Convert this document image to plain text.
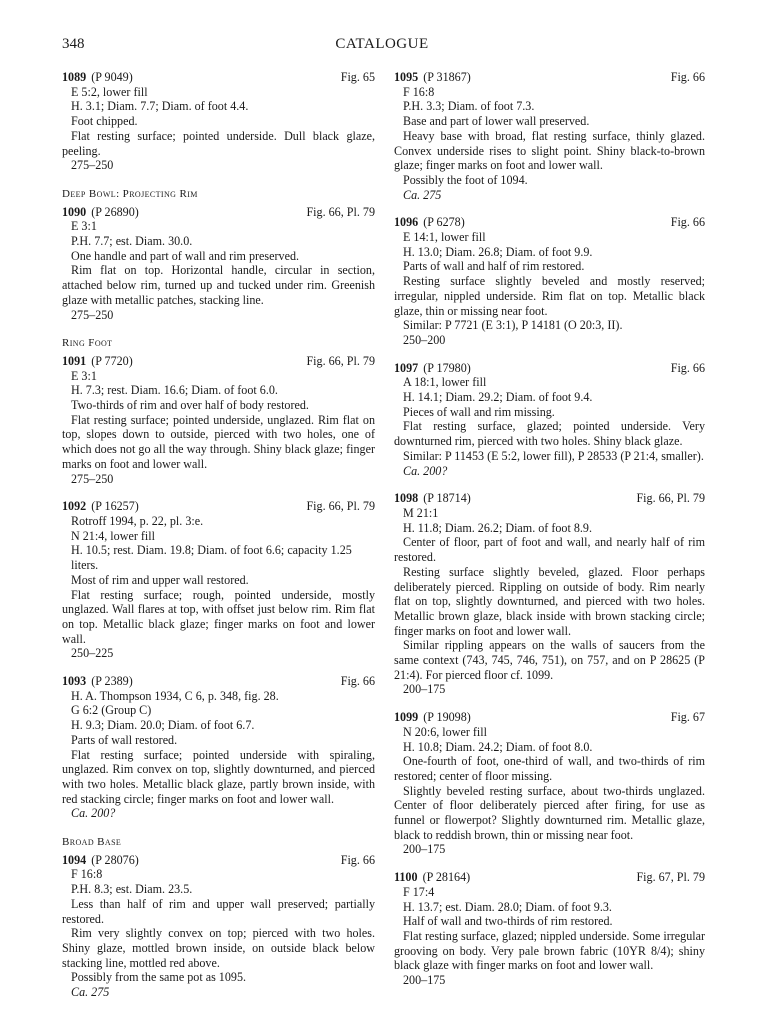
348	CATALOGUE
1089 (P 9049)	Fig. 65
E 5:2, lower fill
H. 3.1; Diam. 7.7; Diam. of foot 4.4.
Foot chipped.
Flat resting surface; pointed underside. Dull black glaze, peeling.
275–250
Deep Bowl: Projecting Rim
1090 (P 26890)	Fig. 66, Pl. 79
E 3:1
P.H. 7.7; est. Diam. 30.0.
One handle and part of wall and rim preserved.
Rim flat on top. Horizontal handle, circular in section, attached below rim, turned up and tucked under rim. Greenish glaze with metallic patches, stacking line.
275–250
Ring Foot
1091 (P 7720)	Fig. 66, Pl. 79
E 3:1
H. 7.3; rest. Diam. 16.6; Diam. of foot 6.0.
Two-thirds of rim and over half of body restored.
Flat resting surface; pointed underside, unglazed. Rim flat on top, slopes down to outside, pierced with two holes, one of which does not go all the way through. Shiny black glaze; finger marks on foot and lower wall.
275–250
1092 (P 16257)	Fig. 66, Pl. 79
Rotroff 1994, p. 22, pl. 3:e.
N 21:4, lower fill
H. 10.5; rest. Diam. 19.8; Diam. of foot 6.6; capacity 1.25 liters.
Most of rim and upper wall restored.
Flat resting surface; rough, pointed underside, mostly unglazed. Wall flares at top, with offset just below rim. Rim flat on top. Metallic black glaze; finger marks on foot and lower wall.
250–225
1093 (P 2389)	Fig. 66
H. A. Thompson 1934, C 6, p. 348, fig. 28.
G 6:2 (Group C)
H. 9.3; Diam. 20.0; Diam. of foot 6.7.
Parts of wall restored.
Flat resting surface; pointed underside with spiraling, unglazed. Rim convex on top, slightly downturned, and pierced with two holes. Metallic black glaze, partly brown inside, with red stacking circle; finger marks on foot and lower wall.
Ca. 200?
Broad Base
1094 (P 28076)	Fig. 66
F 16:8
P.H. 8.3; est. Diam. 23.5.
Less than half of rim and upper wall preserved; partially restored.
Rim very slightly convex on top; pierced with two holes. Shiny glaze, mottled brown inside, on outside black below stacking line, mottled red above.
Possibly from the same pot as 1095.
Ca. 275
1095 (P 31867)	Fig. 66
F 16:8
P.H. 3.3; Diam. of foot 7.3.
Base and part of lower wall preserved.
Heavy base with broad, flat resting surface, thinly glazed. Convex underside rises to slight point. Shiny black-to-brown glaze; finger marks on foot and lower wall.
Possibly the foot of 1094.
Ca. 275
1096 (P 6278)	Fig. 66
E 14:1, lower fill
H. 13.0; Diam. 26.8; Diam. of foot 9.9.
Parts of wall and half of rim restored.
Resting surface slightly beveled and mostly reserved; irregular, nippled underside. Rim flat on top. Metallic black glaze, thin or missing near foot.
Similar: P 7721 (E 3:1), P 14181 (O 20:3, II).
250–200
1097 (P 17980)	Fig. 66
A 18:1, lower fill
H. 14.1; Diam. 29.2; Diam. of foot 9.4.
Pieces of wall and rim missing.
Flat resting surface, glazed; pointed underside. Very downturned rim, pierced with two holes. Shiny black glaze.
Similar: P 11453 (E 5:2, lower fill), P 28533 (P 21:4, smaller).
Ca. 200?
1098 (P 18714)	Fig. 66, Pl. 79
M 21:1
H. 11.8; Diam. 26.2; Diam. of foot 8.9.
Center of floor, part of foot and wall, and nearly half of rim restored.
Resting surface slightly beveled, glazed. Floor perhaps deliberately pierced. Rippling on outside of body. Rim nearly flat on top, slightly downturned, and pierced with two holes. Metallic brown glaze, black inside with brown stacking circle; finger marks on foot and lower wall.
Similar rippling appears on the walls of saucers from the same context (743, 745, 746, 751), on 757, and on P 28625 (P 21:4). For pierced floor cf. 1099.
200–175
1099 (P 19098)	Fig. 67
N 20:6, lower fill
H. 10.8; Diam. 24.2; Diam. of foot 8.0.
One-fourth of foot, one-third of wall, and two-thirds of rim restored; center of floor missing.
Slightly beveled resting surface, about two-thirds unglazed. Center of floor deliberately pierced after firing, for use as funnel or flowerpot? Slightly downturned rim. Metallic glaze, black to reddish brown, thin or missing near foot.
200–175
1100 (P 28164)	Fig. 67, Pl. 79
F 17:4
H. 13.7; est. Diam. 28.0; Diam. of foot 9.3.
Half of wall and two-thirds of rim restored.
Flat resting surface, glazed; nippled underside. Some irregular grooving on body. Very pale brown fabric (10YR 8/4); shiny black glaze with finger marks on foot and lower wall.
200–175
